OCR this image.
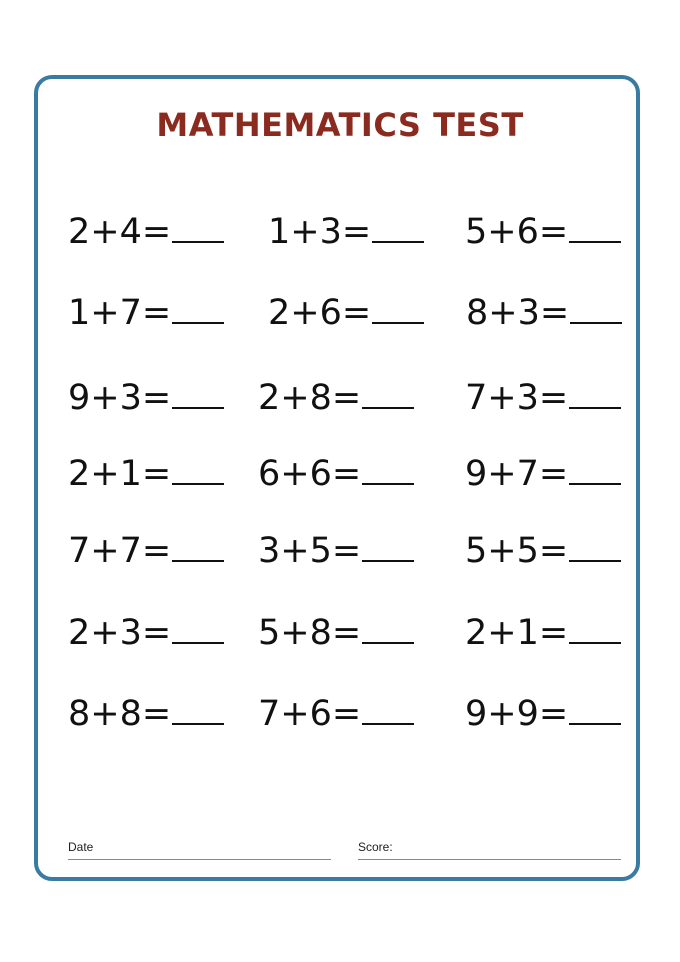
MATHEMATICS TEST
2+4=	1+3=	5+6=
1+7=	2+6=	8+3=
9+3=	2+8=	7+3=
2+1=	6+6=	9+7=
7+7=	3+5=	5+5=
2+3=	5+8=	2+1=
8+8=	7+6=	9+9=
Date	Score:
